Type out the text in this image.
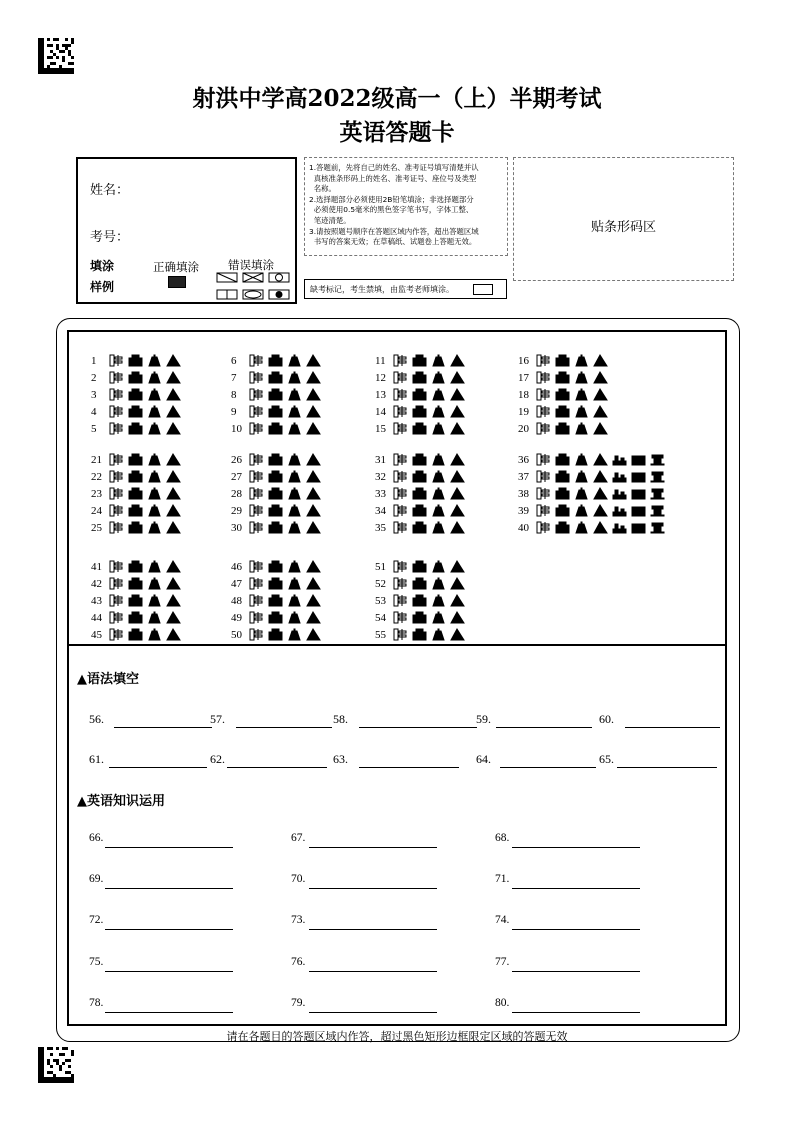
射洪中学高2022级高一（上）半期考试
英语答题卡
姓名：
考号：
填涂
样例
正确填涂	错误填涂
1.答题前，先将自己的姓名、准考证号填写清楚并认
真核准条形码上的姓名、准考证号、座位号及类型
名称。
2.选择题部分必须使用2B铅笔填涂；非选择题部分
必须使用0.5毫米的黑色签字笔书写，字体工整、
笔迹清楚。
3.请按照题号顺序在答题区域内作答，超出答题区域
书写的答案无效；在草稿纸、试题卷上答题无效。
缺考标记，考生禁填，由监考老师填涂。
贴条形码区
1	6	11	16
2	7	12	17
3	8	13	18
4	9	14	19
5	10	15	20
21	26	31	36
22	27	32	37
23	28	33	38
24	29	34	39
25	30	35	40
41	46	51
42	47	52
43	48	53
44	49	54
45	50	55
▲语法填空
56.	57.	58.	59.	60.
61.	62.	63.	64.	65.
▲英语知识运用
66.	67.	68.
69.	70.	71.
72.	73.	74.
75.	76.	77.
78.	79.	80.
请在各题目的答题区域内作答，超过黑色矩形边框限定区域的答题无效
